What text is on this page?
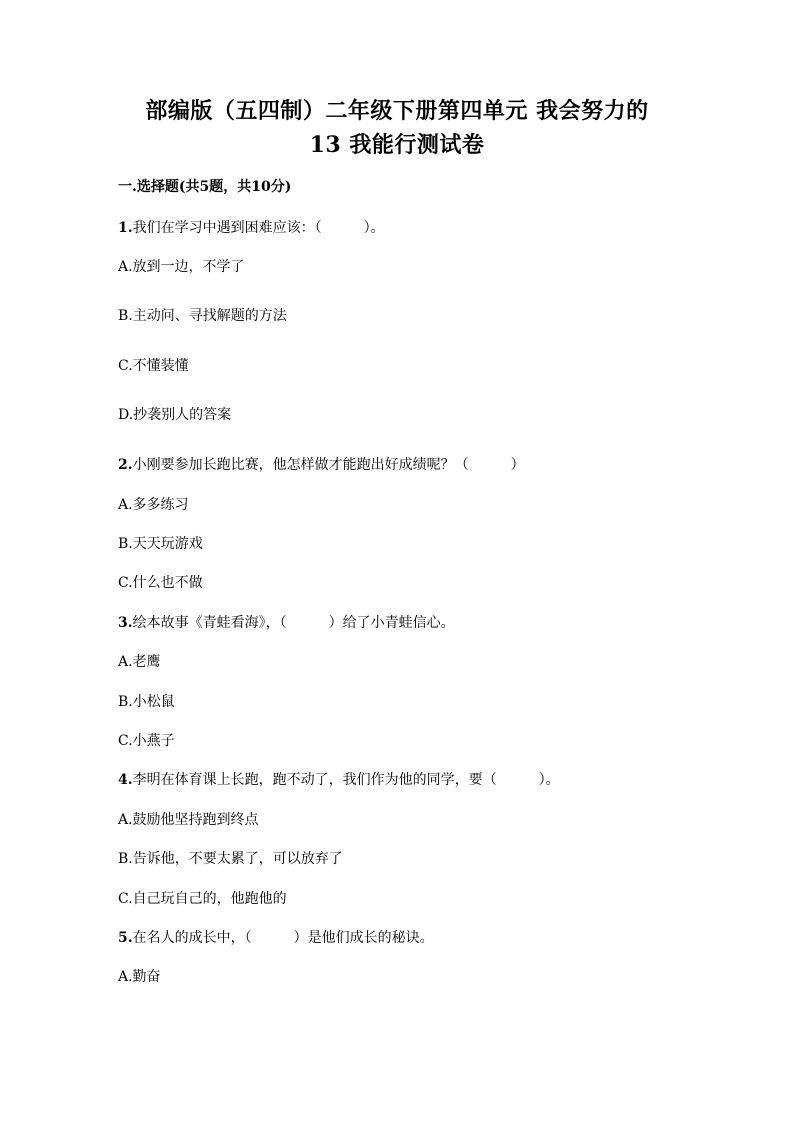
部编版（五四制）二年级下册第四单元 我会努力的
13 我能行测试卷
一.选择题(共5题，共10分)
1.我们在学习中遇到困难应该：（　　　）。
A.放到一边，不学了
B.主动问、寻找解题的方法
C.不懂装懂
D.抄袭别人的答案
2.小刚要参加长跑比赛，他怎样做才能跑出好成绩呢？（　　　）
A.多多练习
B.天天玩游戏
C.什么也不做
3.绘本故事《青蛙看海》，（　　　）给了小青蛙信心。
A.老鹰
B.小松鼠
C.小燕子
4.李明在体育课上长跑，跑不动了，我们作为他的同学，要（　　　）。
A.鼓励他坚持跑到终点
B.告诉他，不要太累了，可以放弃了
C.自己玩自己的，他跑他的
5.在名人的成长中，（　　　）是他们成长的秘诀。
A.勤奋
